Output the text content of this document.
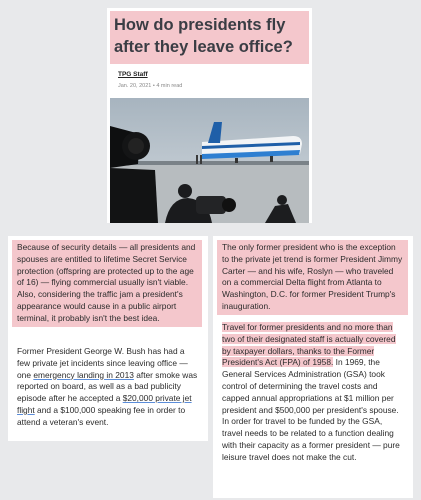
How do presidents fly after they leave office?
TPG Staff
Jan. 20, 2021 • 4 min read
Because of security details — all presidents and spouses are entitled to lifetime Secret Service protection (offspring are protected up to the age of 16) — flying commercial usually isn't viable. Also, considering the traffic jam a president's appearance would cause in a public airport terminal, it probably isn't the best idea.
Former President George W. Bush has had a few private jet incidents since leaving office — one emergency landing in 2013 after smoke was reported on board, as well as a bad publicity episode after he accepted a $20,000 private jet flight and a $100,000 speaking fee in order to attend a veteran's event.
The only former president who is the exception to the private jet trend is former President Jimmy Carter — and his wife, Roslyn — who traveled on a commercial Delta flight from Atlanta to Washington, D.C. for former President Trump's inauguration.
Travel for former presidents and no more than two of their designated staff is actually covered by taxpayer dollars, thanks to the Former President's Act (FPA) of 1958. In 1969, the General Services Administration (GSA) took control of determining the travel costs and capped annual appropriations at $1 million per president and $500,000 per president's spouse. In order for travel to be funded by the GSA, travel needs to be related to a function dealing with their capacity as a former president — pure leisure travel does not make the cut.
